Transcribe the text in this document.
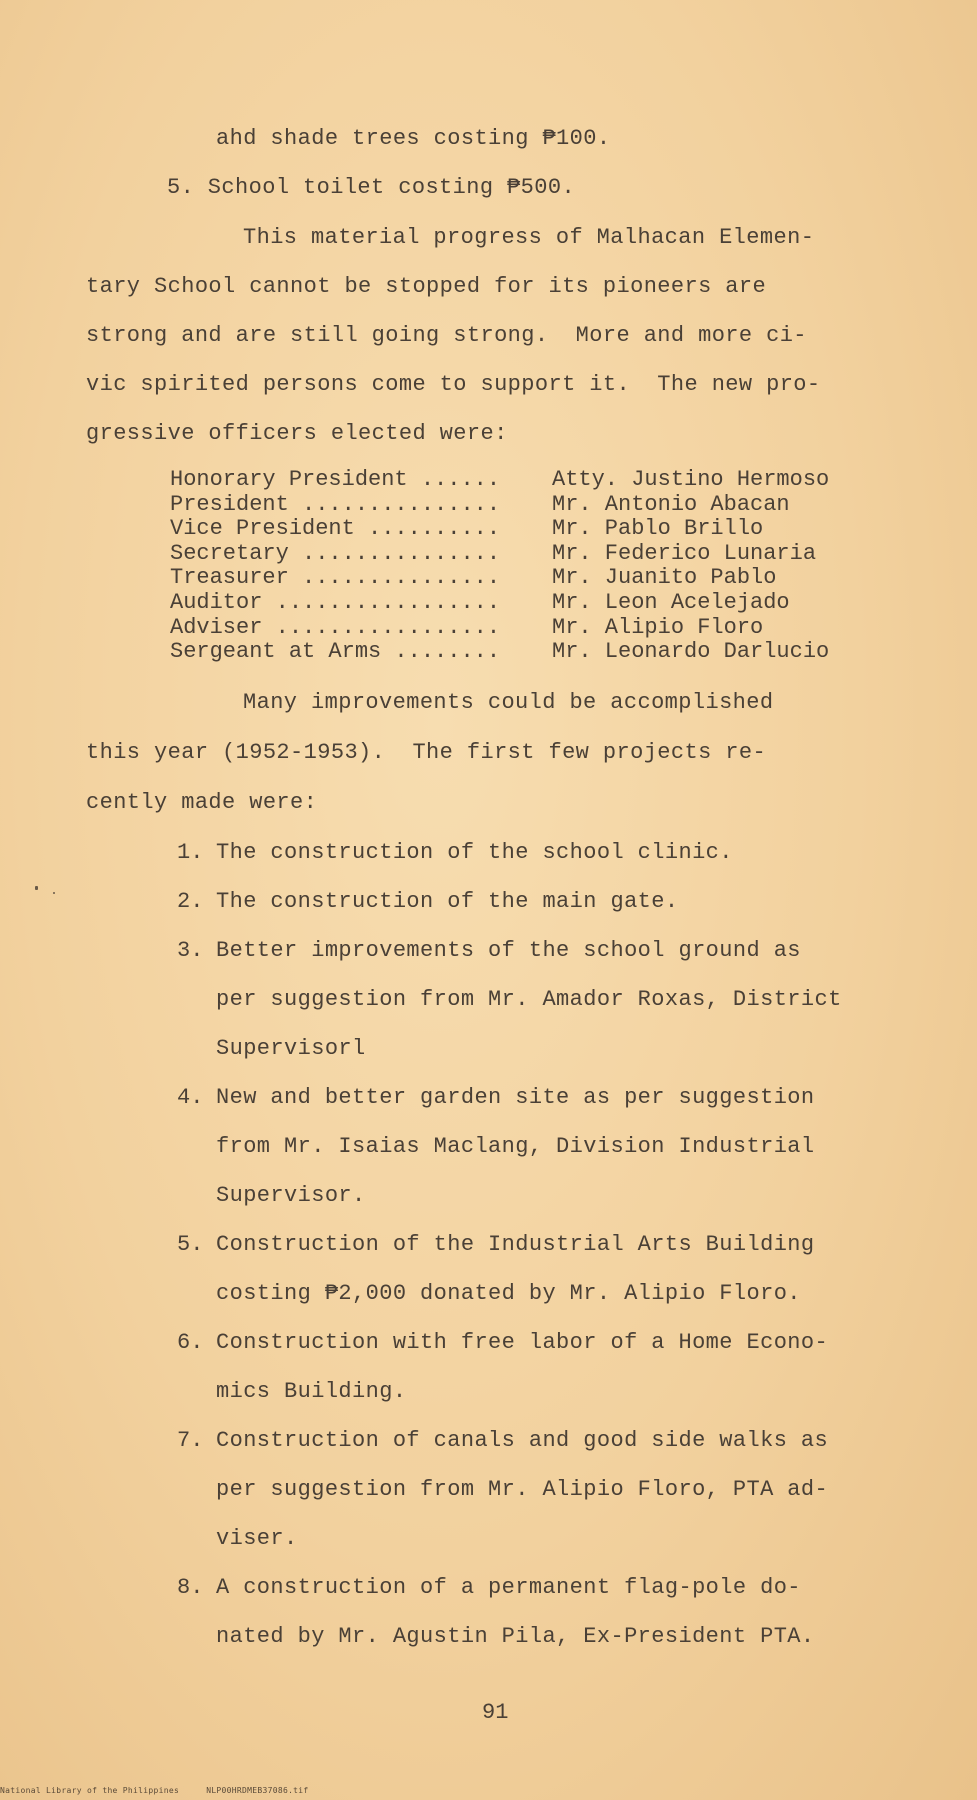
ahd shade trees costing ₱100.
5. School toilet costing ₱500.
This material progress of Malhacan Elemen-
tary School cannot be stopped for its pioneers are
strong and are still going strong.  More and more ci-
vic spirited persons come to support it.  The new pro-
gressive officers elected were:
Honorary President ......	Atty. Justino Hermoso
President ...............	Mr. Antonio Abacan
Vice President ..........	Mr. Pablo Brillo
Secretary ...............	Mr. Federico Lunaria
Treasurer ...............	Mr. Juanito Pablo
Auditor .................	Mr. Leon Acelejado
Adviser .................	Mr. Alipio Floro
Sergeant at Arms ........	Mr. Leonardo Darlucio
Many improvements could be accomplished
this year (1952-1953).  The first few projects re-
cently made were:
1. The construction of the school clinic.
2. The construction of the main gate.
3. Better improvements of the school ground as
per suggestion from Mr. Amador Roxas, District
Supervisorl
4. New and better garden site as per suggestion
from Mr. Isaias Maclang, Division Industrial
Supervisor.
5. Construction of the Industrial Arts Building
costing ₱2,000 donated by Mr. Alipio Floro.
6. Construction with free labor of a Home Econo-
mics Building.
7. Construction of canals and good side walks as
per suggestion from Mr. Alipio Floro, PTA ad-
viser.
8. A construction of a permanent flag-pole do-
nated by Mr. Agustin Pila, Ex-President PTA.
91
National Library of the Philippines	NLP00HRDMEB37086.tif
